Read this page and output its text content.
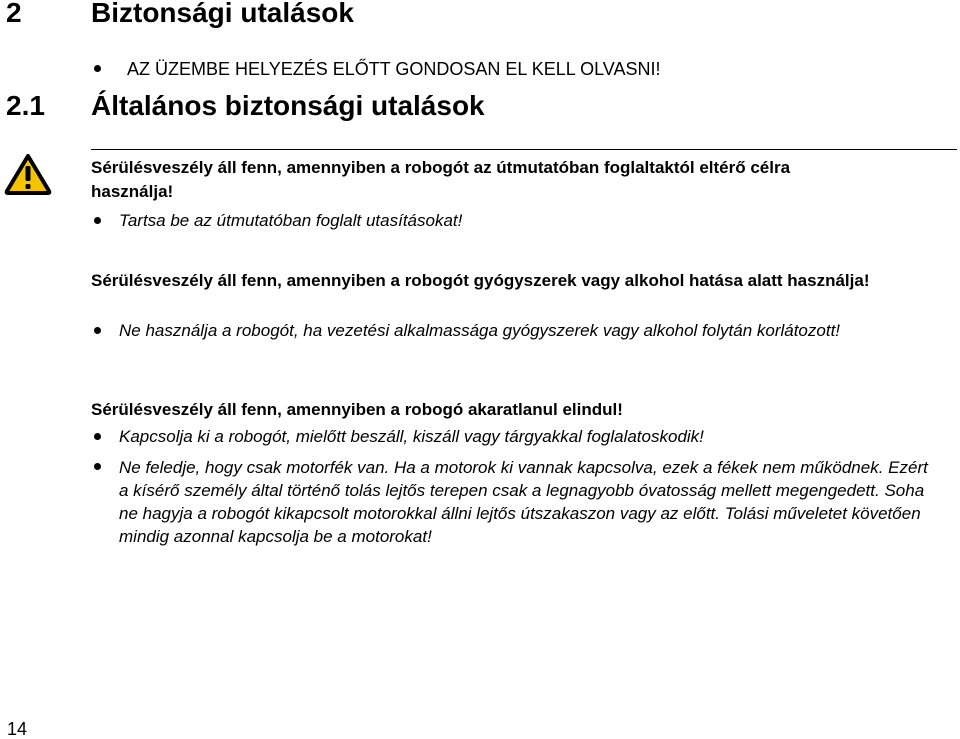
2 Biztonsági utalások
AZ ÜZEMBE HELYEZÉS ELŐTT GONDOSAN EL KELL OLVASNI!
2.1 Általános biztonsági utalások
Sérülésveszély áll fenn, amennyiben a robogót az útmutatóban foglaltaktól eltérő célra használja!
Tartsa be az útmutatóban foglalt utasításokat!
Sérülésveszély áll fenn, amennyiben a robogót gyógyszerek vagy alkohol hatása alatt használja!
Ne használja a robogót, ha vezetési alkalmassága gyógyszerek vagy alkohol folytán korlátozott!
Sérülésveszély áll fenn, amennyiben a robogó akaratlanul elindul!
Kapcsolja ki a robogót, mielőtt beszáll, kiszáll vagy tárgyakkal foglalatoskodik!
Ne feledje, hogy csak motorfék van. Ha a motorok ki vannak kapcsolva, ezek a fékek nem működnek. Ezért a kísérő személy által történő tolás lejtős terepen csak a legnagyobb óvatosság mellett megengedett. Soha ne hagyja a robogót kikapcsolt motorokkal állni lejtős útszakaszon vagy az előtt. Tolási műveletet követően mindig azonnal kapcsolja be a motorokat!
14
